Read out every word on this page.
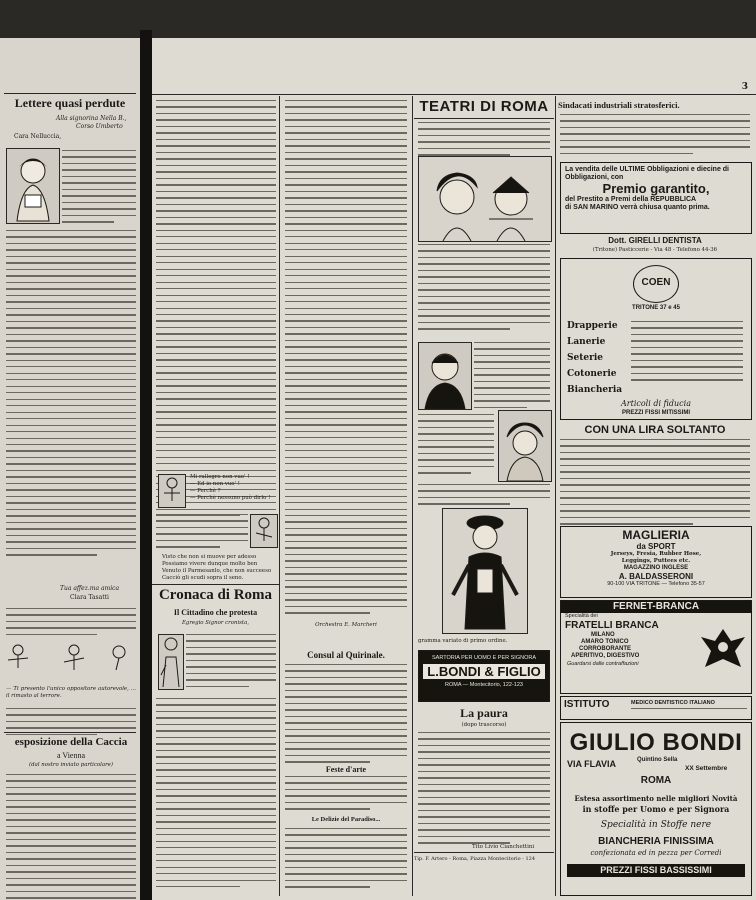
Lettere quasi perdute
Alla signorina Nella B.,
Corso Umberto
Cara Nellucciа,
Tua affez.ma amica
Clara Tasatti
— Ti presento l'unico oppositore autorevole, ... il rimasto al terrore.
esposizione della Caccia
a Vienna
(dal nostro inviato particolare)
3
Mi rallegro non vuo' !
— Ed io non vuo' !
— Perchè ?
— Perchè nessuno può dirlo !
Visto che non si muove per adesso
Possiamo vivere dunque molto ben
Venuto il Parmesanlo, che non succeeso
Cacciò gli scudi sopra il seno.
Cronaca di Roma
Il Cittadino che protesta
Egregio Signor cronista,	Orchestra E. Marcheri
Consul al Quirinale.
Feste d'arte
Le Delizie del Paradiso...
TEATRI DI ROMA
gramma variato di primo ordine.
SARTORIA PER UOMO E PER SIGNORA
L.BONDI & FIGLIO
ROMA — Montecitorio, 122-123
La paura
(dopo trascorso)
Tito Livio Cianchettini
Tip. F. Artero - Roma, Piazza Montecitorio - 124
Sindacati industriali stratosferici.
La vendita delle ULTIME Obbligazioni e diecine di Obbligazioni, con
Premio garantito,
del Prestito a Premi della REPUBBLICA
di SAN MARINO verrà chiusa quanto prima.
Dott. GIRELLI DENTISTA
(Tritone) Pasticcerie - Via 48 - Telefono 44-36
COEN
TRITONE 37 e 45
Drapperie
Lanerie
Seterie
Cotonerie
Biancheria
Articoli di fiducia
PREZZI FISSI MITISSIMI
CON UNA LIRA SOLTANTO
MAGLIERIA
da SPORT
Jerseys, Fresia, Rubber Hose,
Leggings, Puttees etc.
MAGAZZINO INGLESE
A. BALDASSERONI
90-100 VIA TRITONE — Telefono 35-57
FERNET-BRANCA
Specialità dei
FRATELLI BRANCA
MILANO
AMARO TONICO
CORROBORANTE
APERITIVO, DIGESTIVO
Guardarsi dalle contraffazioni
ISTITUTO	MEDICO DENTISTICO ITALIANO
GIULIO BONDI
VIA FLAVIA	Quintino Sella
XX Settembre
ROMA
Estesa assortimento nelle migliori Novità
in stoffe per Uomo e per Signora
Specialità in Stoffe nere
BIANCHERIA FINISSIMA
confezionata ed in pezza per Corredi
PREZZI FISSI BASSISSIMI
